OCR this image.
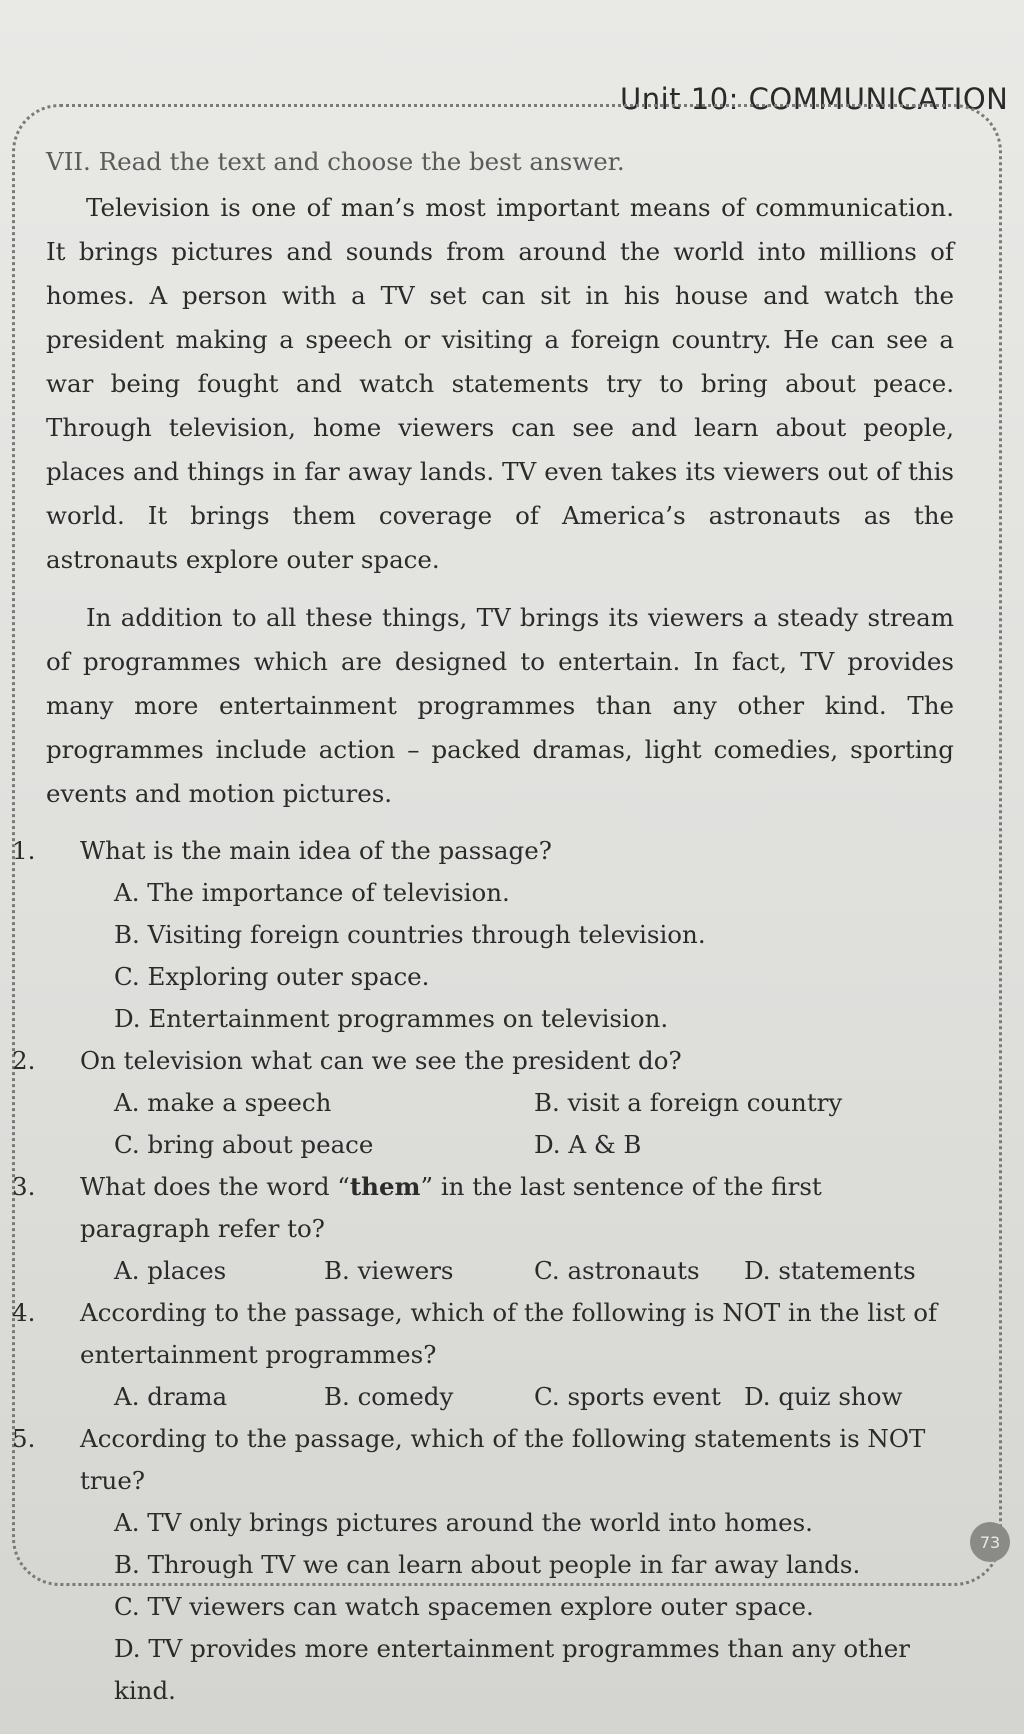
Unit 10: COMMUNICATION

VII. Read the text and choose the best answer.

Television is one of man’s most important means of communication. It brings pictures and sounds from around the world into millions of homes. A person with a TV set can sit in his house and watch the president making a speech or visiting a foreign country. He can see a war being fought and watch statements try to bring about peace. Through television, home viewers can see and learn about people, places and things in far away lands. TV even takes its viewers out of this world. It brings them coverage of America’s astronauts as the astronauts explore outer space.

In addition to all these things, TV brings its viewers a steady stream of programmes which are designed to entertain. In fact, TV provides many more entertainment programmes than any other kind. The programmes include action – packed dramas, light comedies, sporting events and motion pictures.

1. What is the main idea of the passage?

A. The importance of television.
B. Visiting foreign countries through television.
C. Exploring outer space.
D. Entertainment programmes on television.

2. On television what can we see the president do?

A. make a speech	B. visit a foreign country
C. bring about peace	D. A & B

3. What does the word “them” in the last sentence of the first paragraph refer to?

A. places	B. viewers	C. astronauts	D. statements

4. According to the passage, which of the following is NOT in the list of entertainment programmes?

A. drama	B. comedy	C. sports event D. quiz show

5. According to the passage, which of the following statements is NOT true?

A. TV only brings pictures around the world into homes.
B. Through TV we can learn about people in far away lands.
C. TV viewers can watch spacemen explore outer space.
D. TV provides more entertainment programmes than any other kind.
73
